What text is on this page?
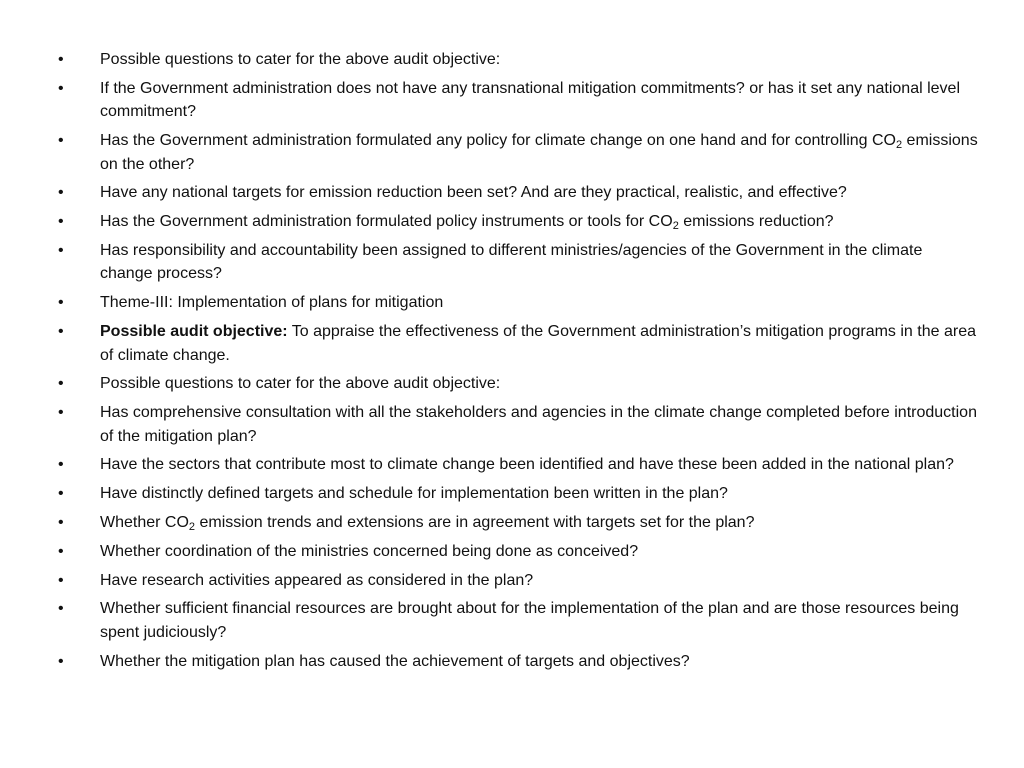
•	Possible questions to cater for the above audit objective:
•	If the Government administration does not have any transnational mitigation commitments? or has it set any national level commitment?
•	Has the Government administration formulated any policy for climate change on one hand and for controlling $CO_2$ emissions on the other?
•	Have any national targets for emission reduction been set? And are they practical, realistic, and effective?
•	Has the Government administration formulated policy instruments or tools for $CO_2$ emissions reduction?
•	Has responsibility and accountability been assigned to different ministries/agencies of the Government in the climate change process?
•	Theme-III: Implementation of plans for mitigation
•	Possible audit objective: To appraise the effectiveness of the Government administration’s mitigation programs in the area of climate change.
•	Possible questions to cater for the above audit objective:
•	Has comprehensive consultation with all the stakeholders and agencies in the climate change completed before introduction of the mitigation plan?
•	Have the sectors that contribute most to climate change been identified and have these been added in the national plan?
•	Have distinctly defined targets and schedule for implementation been written in the plan?
•	Whether $CO_2$ emission trends and extensions are in agreement with targets set for the plan?
•	Whether coordination of the ministries concerned being done as conceived?
•	Have research activities appeared as considered in the plan?
•	Whether sufficient financial resources are brought about for the implementation of the plan and are those resources being spent judiciously?
•	Whether the mitigation plan has caused the achievement of targets and objectives?
